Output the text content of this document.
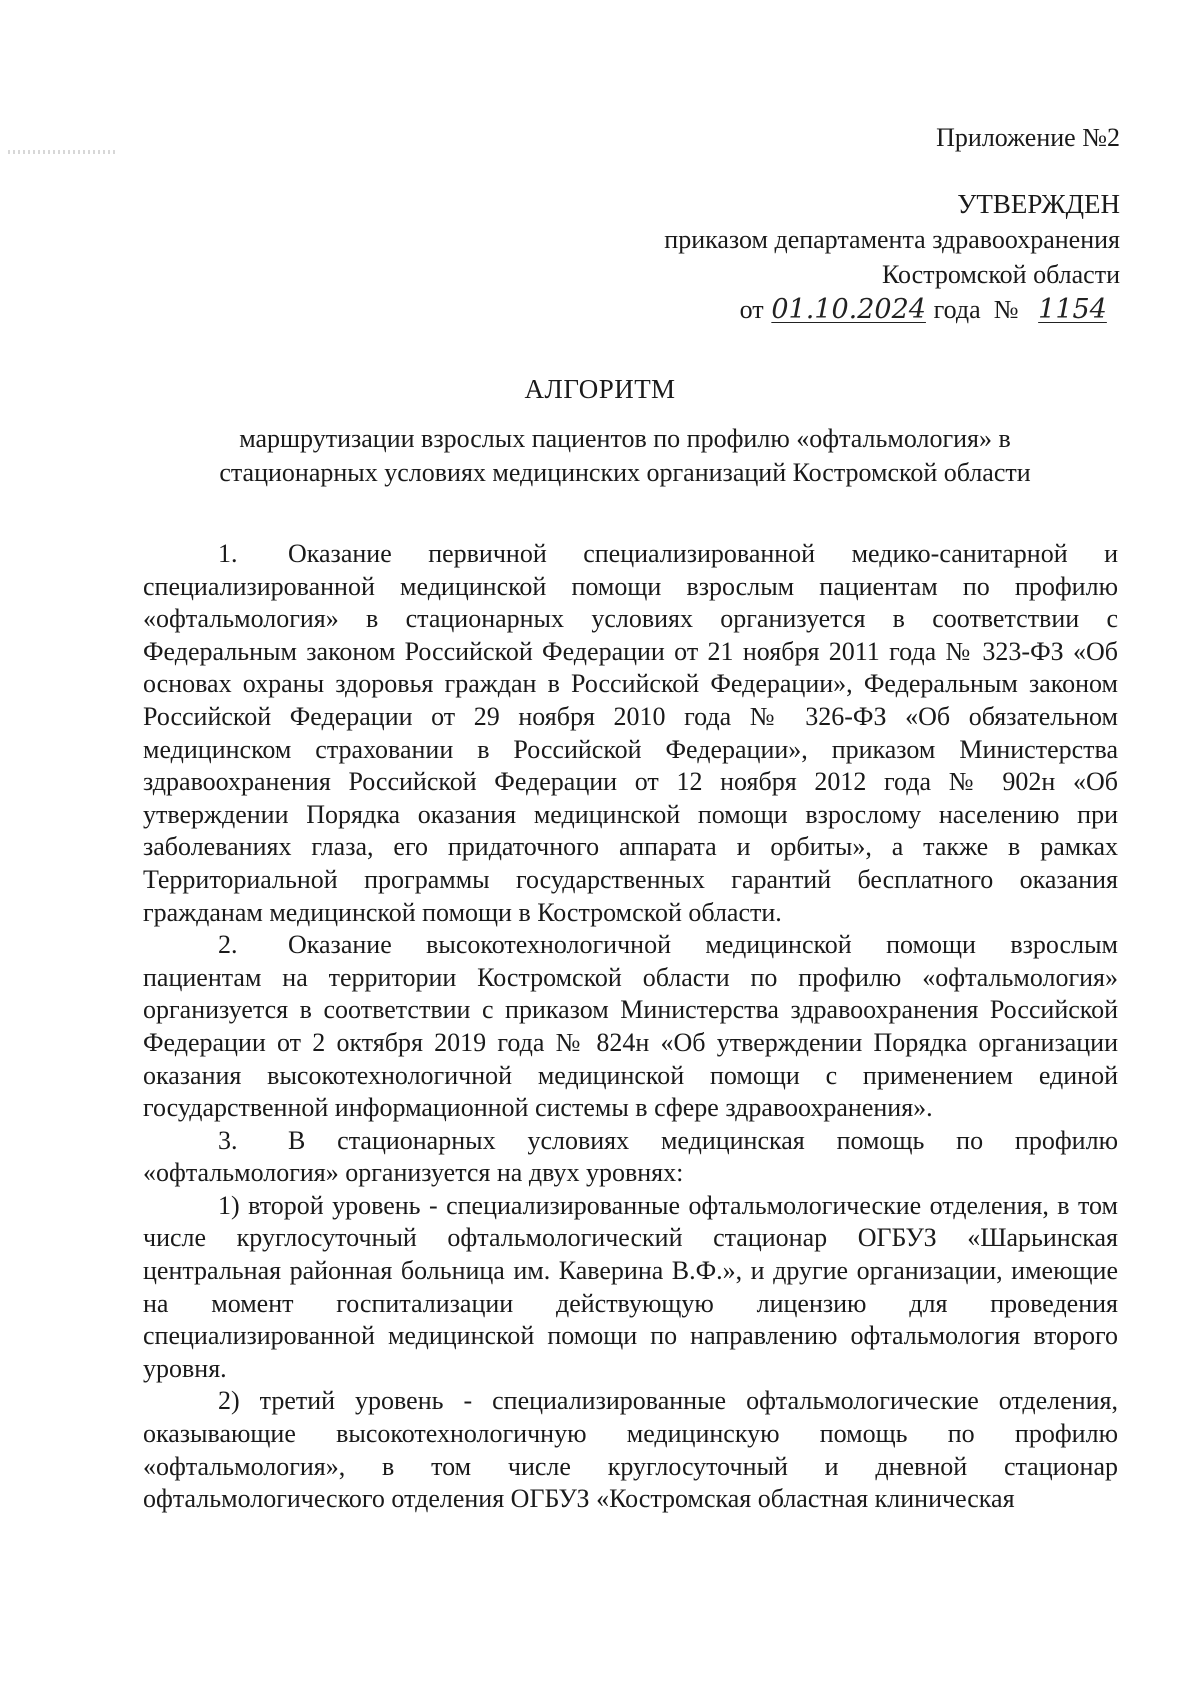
Приложение №2
УТВЕРЖДЕН
приказом департамента здравоохранения
Костромской области
от 01.10.2024 года № 1154
АЛГОРИТМ
маршрутизации взрослых пациентов по профилю «офтальмология» в
стационарных условиях медицинских организаций Костромской области

1. Оказание первичной специализированной медико-санитарной и специализированной медицинской помощи взрослым пациентам по профилю «офтальмология» в стационарных условиях организуется в соответствии с Федеральным законом Российской Федерации от 21 ноября 2011 года № 323-ФЗ «Об основах охраны здоровья граждан в Российской Федерации», Федеральным законом Российской Федерации от 29 ноября 2010 года № 326-ФЗ «Об обязательном медицинском страховании в Российской Федерации», приказом Министерства здравоохранения Российской Федерации от 12 ноября 2012 года № 902н «Об утверждении Порядка оказания медицинской помощи взрослому населению при заболеваниях глаза, его придаточного аппарата и орбиты», а также в рамках Территориальной программы государственных гарантий бесплатного оказания гражданам медицинской помощи в Костромской области.

2. Оказание высокотехнологичной медицинской помощи взрослым пациентам на территории Костромской области по профилю «офтальмология» организуется в соответствии с приказом Министерства здравоохранения Российской Федерации от 2 октября 2019 года № 824н «Об утверждении Порядка организации оказания высокотехнологичной медицинской помощи с применением единой государственной информационной системы в сфере здравоохранения».

3. В стационарных условиях медицинская помощь по профилю «офтальмология» организуется на двух уровнях:

1) второй уровень - специализированные офтальмологические отделения, в том числе круглосуточный офтальмологический стационар ОГБУЗ «Шарьинская центральная районная больница им. Каверина В.Ф.», и другие организации, имеющие на момент госпитализации действующую лицензию для проведения специализированной медицинской помощи по направлению офтальмология второго уровня.

2) третий уровень - специализированные офтальмологические отделения, оказывающие высокотехнологичную медицинскую помощь по профилю «офтальмология», в том числе круглосуточный и дневной стационар офтальмологического отделения ОГБУЗ «Костромская областная клиническая
